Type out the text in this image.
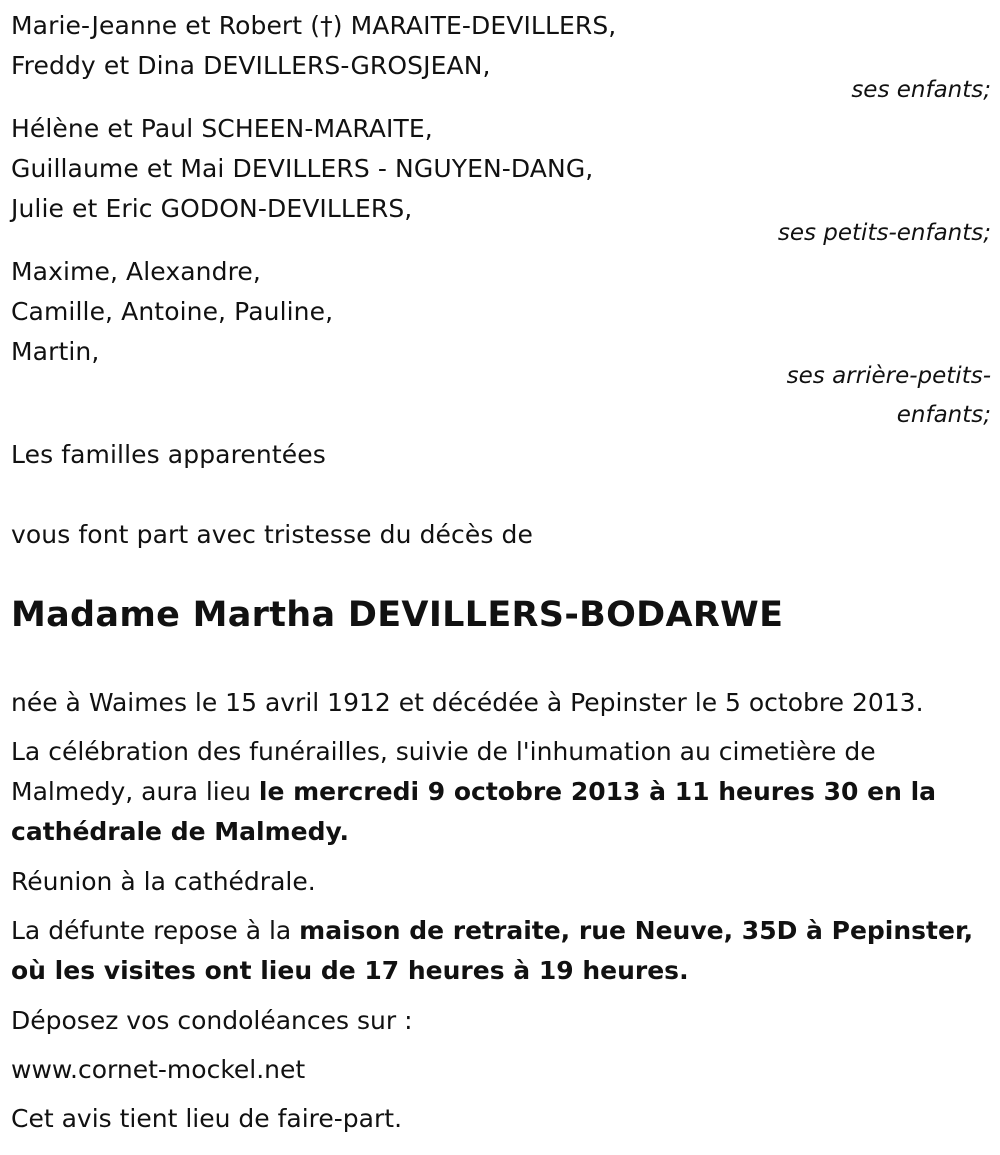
Marie-Jeanne et Robert (†) MARAITE-DEVILLERS,
Freddy et Dina DEVILLERS-GROSJEAN,
ses enfants;
Hélène et Paul SCHEEN-MARAITE,
Guillaume et Mai DEVILLERS - NGUYEN-DANG,
Julie et Eric GODON-DEVILLERS,
ses petits-enfants;
Maxime, Alexandre,
Camille, Antoine, Pauline,
Martin,
ses arrière-petits-
enfants;
Les familles apparentées
vous font part avec tristesse du décès de
Madame Martha DEVILLERS-BODARWE
née à Waimes le 15 avril 1912 et décédée à Pepinster le 5 octobre 2013.
La célébration des funérailles, suivie de l'inhumation au cimetière de Malmedy, aura lieu le mercredi 9 octobre 2013 à 11 heures 30 en la cathédrale de Malmedy.
Réunion à la cathédrale.
La défunte repose à la maison de retraite, rue Neuve, 35D à Pepinster, où les visites ont lieu de 17 heures à 19 heures.
Déposez vos condoléances sur :
www.cornet-mockel.net
Cet avis tient lieu de faire-part.
